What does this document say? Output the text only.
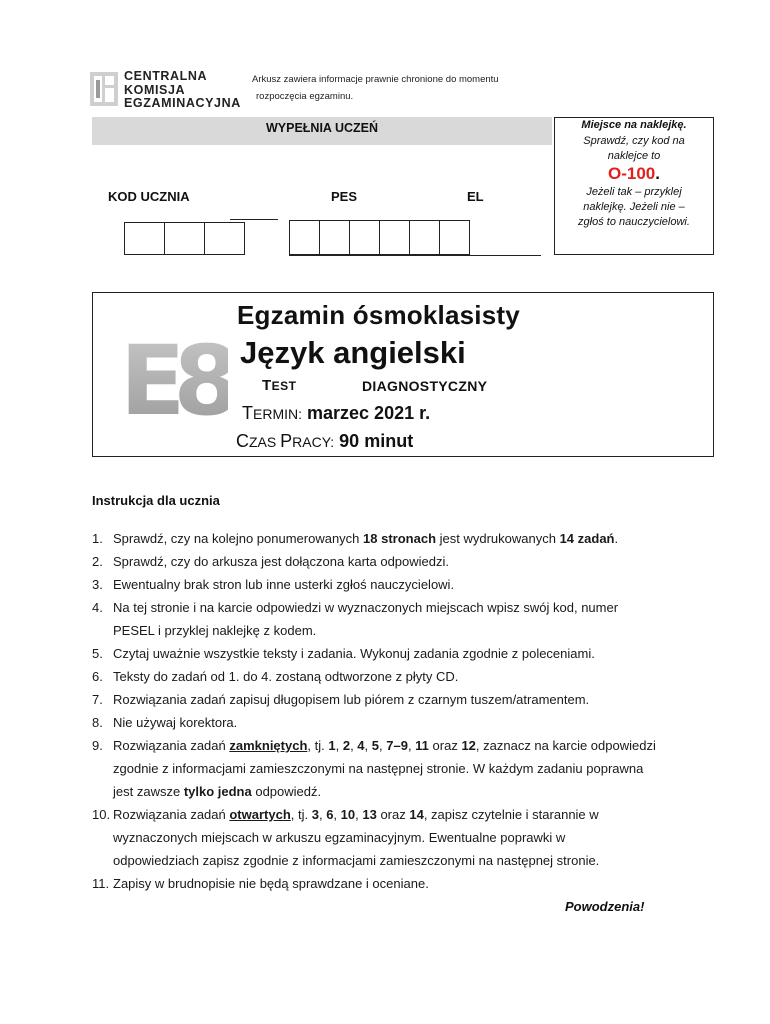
CENTRALNA
KOMISJA
EGZAMINACYJNA
Arkusz zawiera informacje prawnie chronione do momentu
rozpoczęcia egzaminu.
WYPEŁNIA UCZEŃ
KOD UCZNIA	PES	EL
Miejsce na naklejkę.
Sprawdź, czy kod na
naklejce to
O-100.
Jeżeli tak – przyklej
naklejkę. Jeżeli nie –
zgłoś to nauczycielowi.
E8
Egzamin ósmoklasisty
Język angielski
TEST	DIAGNOSTYCZNY
TERMIN: marzec 2021 r.
CZAS PRACY: 90 minut
Instrukcja dla ucznia
1. Sprawdź, czy na kolejno ponumerowanych 18 stronach jest wydrukowanych 14 zadań.
2. Sprawdź, czy do arkusza jest dołączona karta odpowiedzi.
3. Ewentualny brak stron lub inne usterki zgłoś nauczycielowi.
4. Na tej stronie i na karcie odpowiedzi w wyznaczonych miejscach wpisz swój kod, numer
PESEL i przyklej naklejkę z kodem.
5. Czytaj uważnie wszystkie teksty i zadania. Wykonuj zadania zgodnie z poleceniami.
6. Teksty do zadań od 1. do 4. zostaną odtworzone z płyty CD.
7. Rozwiązania zadań zapisuj długopisem lub piórem z czarnym tuszem/atramentem.
8. Nie używaj korektora.
9. Rozwiązania zadań zamkniętych, tj. 1, 2, 4, 5, 7–9, 11 oraz 12, zaznacz na karcie odpowiedzi
zgodnie z informacjami zamieszczonymi na następnej stronie. W każdym zadaniu poprawna
jest zawsze tylko jedna odpowiedź.
10. Rozwiązania zadań otwartych, tj. 3, 6, 10, 13 oraz 14, zapisz czytelnie i starannie w
wyznaczonych miejscach w arkuszu egzaminacyjnym. Ewentualne poprawki w
odpowiedziach zapisz zgodnie z informacjami zamieszczonymi na następnej stronie.
11. Zapisy w brudnopisie nie będą sprawdzane i oceniane.
Powodzenia!
